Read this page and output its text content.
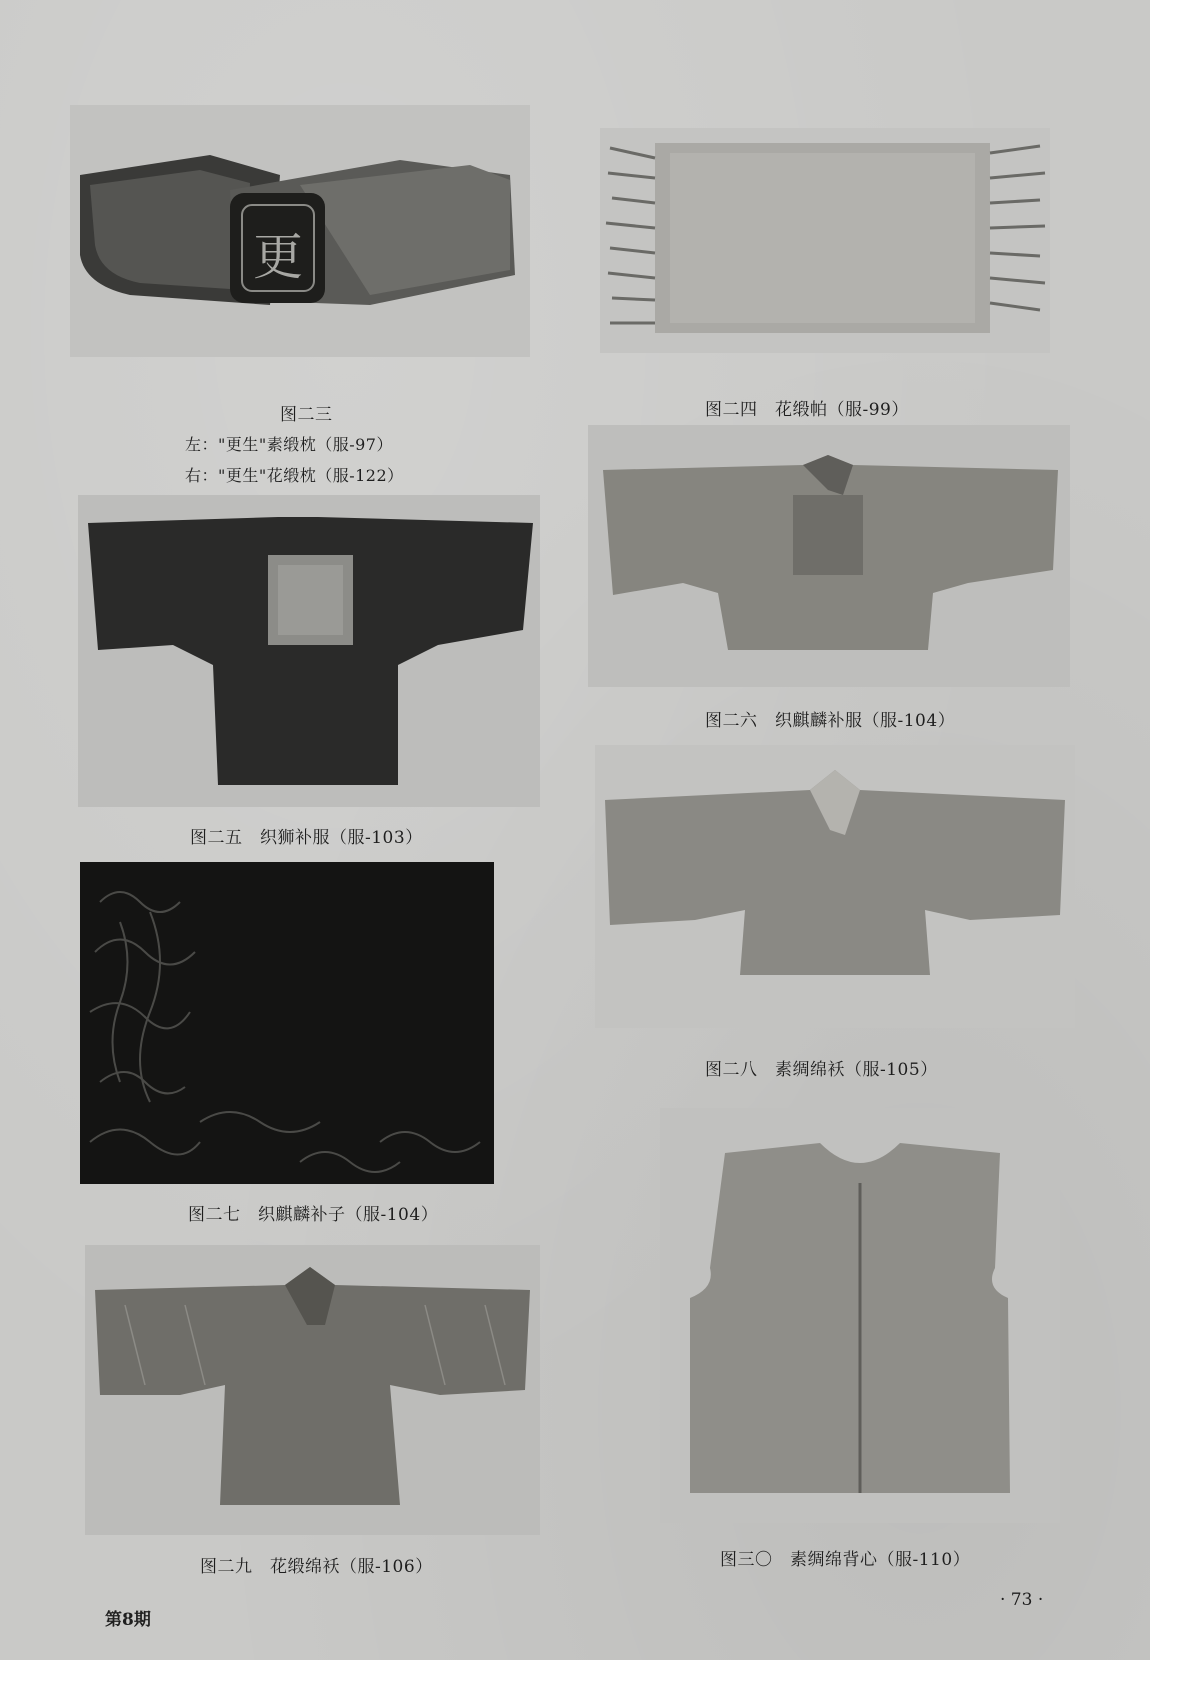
更
图二三
左："更生"素缎枕（服-97）
右："更生"花缎枕（服-122）
图二四　花缎帕（服-99）
图二五　织狮补服（服-103）
图二六　织麒麟补服（服-104）
图二七　织麒麟补子（服-104）
图二八　素绸绵袄（服-105）
图二九　花缎绵袄（服-106）	图三〇　素绸绵背心（服-110）
第8期
· 73 ·
